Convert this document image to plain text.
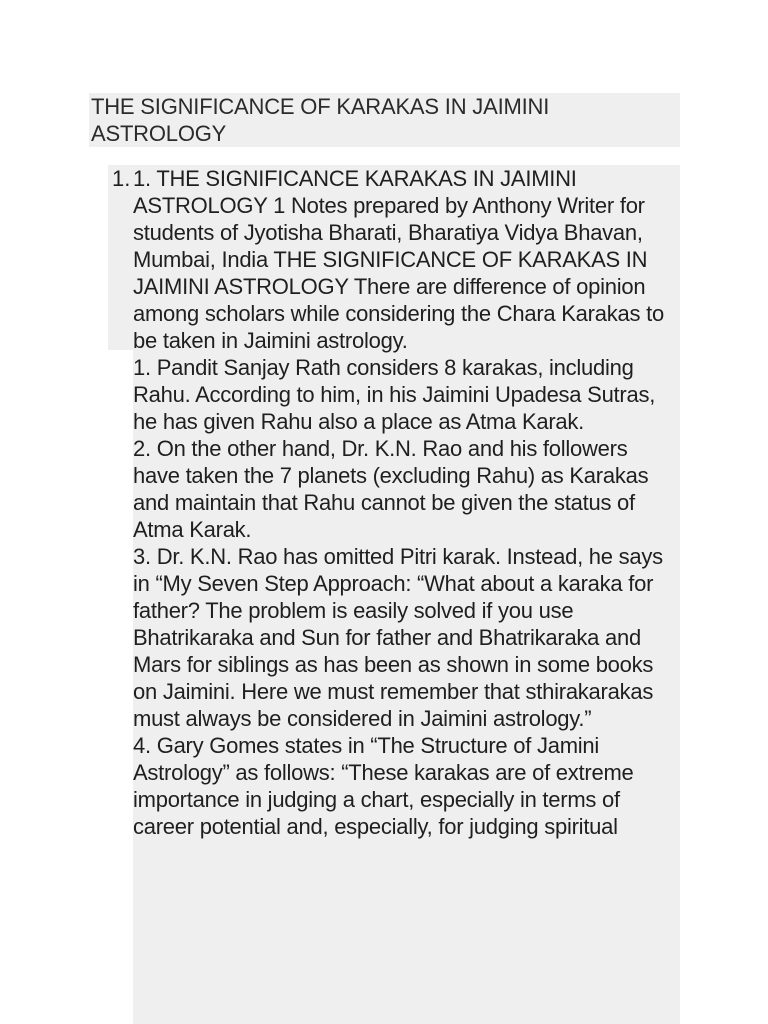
THE SIGNIFICANCE OF KARAKAS IN JAIMINI ASTROLOGY
1. 1. THE SIGNIFICANCE KARAKAS IN JAIMINI ASTROLOGY 1 Notes prepared by Anthony Writer for students of Jyotisha Bharati, Bharatiya Vidya Bhavan, Mumbai, India THE SIGNIFICANCE OF KARAKAS IN JAIMINI ASTROLOGY There are difference of opinion among scholars while considering the Chara Karakas to be taken in Jaimini astrology.
1. Pandit Sanjay Rath considers 8 karakas, including Rahu. According to him, in his Jaimini Upadesa Sutras, he has given Rahu also a place as Atma Karak.
2. On the other hand, Dr. K.N. Rao and his followers have taken the 7 planets (excluding Rahu) as Karakas and maintain that Rahu cannot be given the status of Atma Karak.
3. Dr. K.N. Rao has omitted Pitri karak. Instead, he says in “My Seven Step Approach: “What about a karaka for father? The problem is easily solved if you use Bhatrikaraka and Sun for father and Bhatrikaraka and Mars for siblings as has been as shown in some books on Jaimini. Here we must remember that sthirakarakas must always be considered in Jaimini astrology.”
4. Gary Gomes states in “The Structure of Jamini Astrology” as follows: “These karakas are of extreme importance in judging a chart, especially in terms of career potential and, especially, for judging spiritual
